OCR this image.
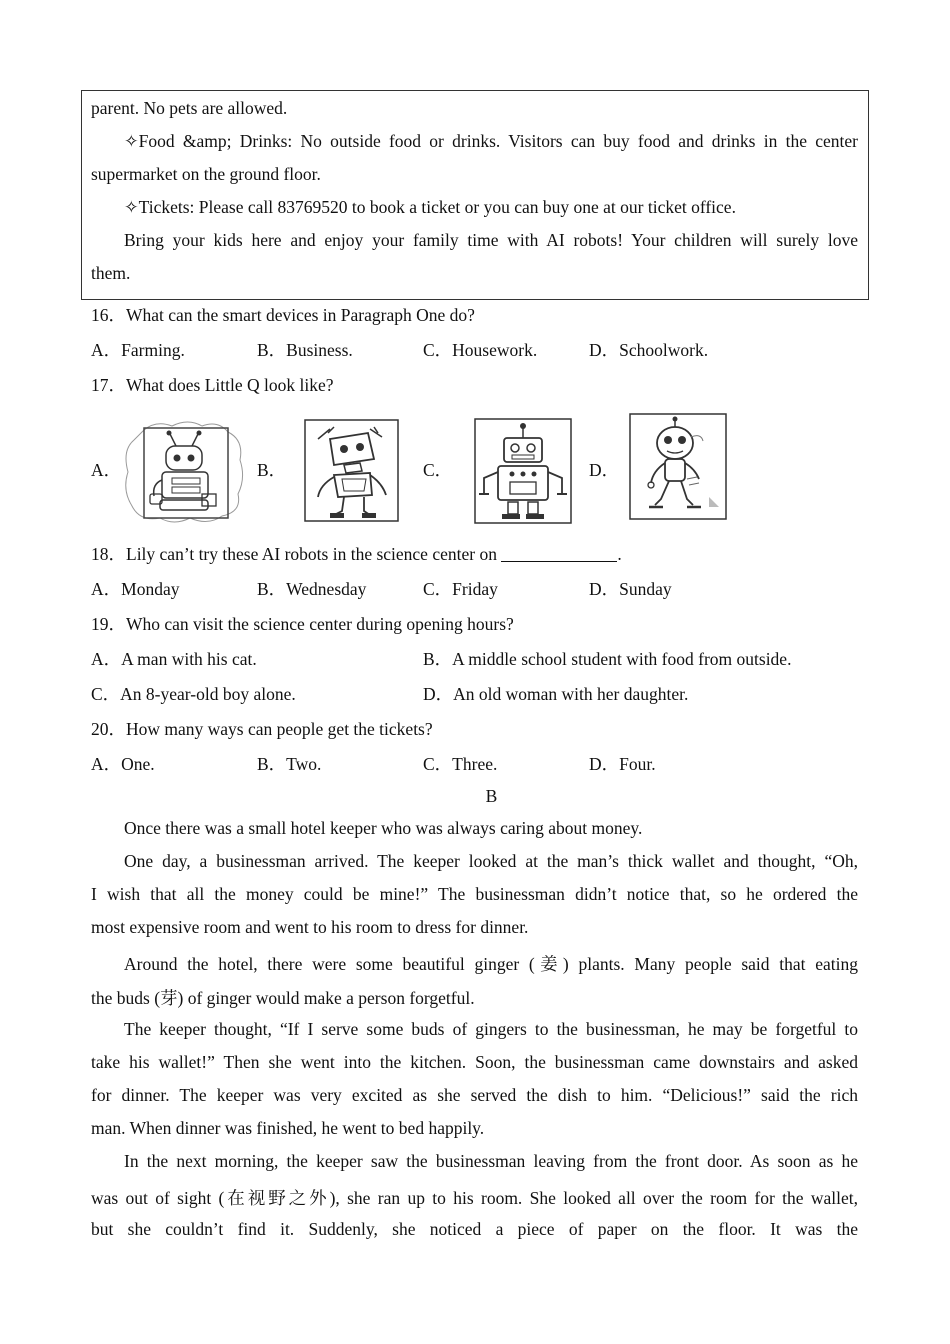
parent. No pets are allowed.
✧Food &amp; Drinks: No outside food or drinks. Visitors can buy food and drinks in the center
supermarket on the ground floor.
✧Tickets: Please call 83769520 to book a ticket or you can buy one at our ticket office.
Bring your kids here and enjoy your family time with AI robots! Your children will surely love
them.
16．What can the smart devices in Paragraph One do?
A．Farming.	B．Business.	C．Housework.	D．Schoolwork.
17．What does Little Q look like?
A．	B．	C．	D．
18．Lily can’t try these AI robots in the science center on	.
A．Monday	B．Wednesday	C．Friday	D．Sunday
19．Who can visit the science center during opening hours?
A．A man with his cat.	B．A middle school student with food from outside.
C．An 8-year-old boy alone.	D．An old woman with her daughter.
20．How many ways can people get the tickets?
A．One.	B．Two.	C．Three.	D．Four.
B
Once there was a small hotel keeper who was always caring about money.
One day, a businessman arrived. The keeper looked at the man’s thick wallet and thought, “Oh,
I wish that all the money could be mine!” The businessman didn’t notice that, so he ordered the
most expensive room and went to his room to dress for dinner.
Around the hotel, there were some beautiful ginger (姜) plants. Many people said that eating
the buds (芽) of ginger would make a person forgetful.
The keeper thought, “If I serve some buds of gingers to the businessman, he may be forgetful to
take his wallet!” Then she went into the kitchen. Soon, the businessman came downstairs and asked
for dinner. The keeper was very excited as she served the dish to him. “Delicious!” said the rich
man. When dinner was finished, he went to bed happily.
In the next morning, the keeper saw the businessman leaving from the front door. As soon as he
was out of sight (在视野之外), she ran up to his room. She looked all over the room for the wallet,
but she couldn’t find it. Suddenly, she noticed a piece of paper on the floor. It was the
